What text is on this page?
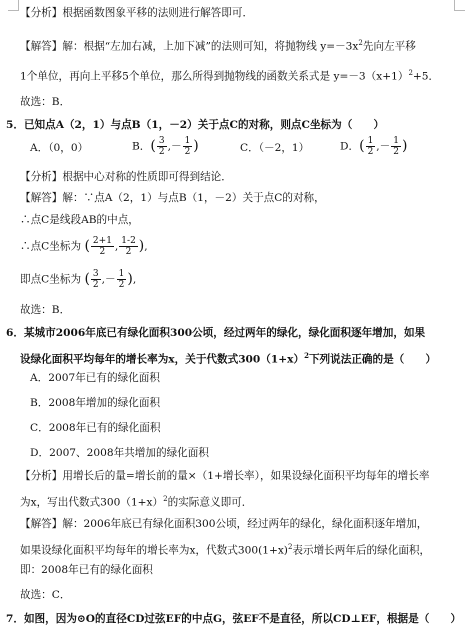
【分析】根据函数图象平移的法则进行解答即可．
【解答】解：根据“左加右减，上加下减”的法则可知，将抛物线 $y=-3x^2$先向左平移
1个单位，再向上平移5个单位，那么所得到抛物线的函数关系式是 $y=-3(x+1)^2+5$．
故选：B．
5．已知点A（2，1）与点B（1，－2）关于点C的对称，则点C坐标为（　　）
A．（0，0）	B．( $\frac{3}{2}$ ,－ $\frac{1}{2}$ )	C．（－2，1）	D．( $\frac{1}{2}$ ,－ $\frac{1}{2}$ )
【分析】根据中心对称的性质即可得到结论．
【解答】解：∵点A（2，1）与点B（1，－2）关于点C的对称，
∴点C是线段AB的中点，
∴点C坐标为 ( $\frac{2+1}{2}$ , $\frac{1-2}{2}$ ),
即点C坐标为 ( $\frac{3}{2}$ ,－ $\frac{1}{2}$ ),
故选：B．
6．某城市2006年底已有绿化面积300公顷，经过两年的绿化，绿化面积逐年增加，如果
设绿化面积平均每年的增长率为x，关于代数式$300(1+x)^2$下列说法正确的是（　　）
A．2007年已有的绿化面积
B．2008年增加的绿化面积
C．2008年已有的绿化面积
D．2007、2008年共增加的绿化面积
【分析】用增长后的量=增长前的量×（1+增长率），如果设绿化面积平均每年的增长率
为x，写出代数式$300(1+x)^2$的实际意义即可．
【解答】解：2006年底已有绿化面积300公顷，经过两年的绿化，绿化面积逐年增加，
如果设绿化面积平均每年的增长率为x，代数式$300(1+x)^2$表示增长两年后的绿化面积，
即：2008年已有的绿化面积
故选：C．
7．如图，因为⊙O的直径CD过弦EF的中点G，弦EF不是直径，所以CD⊥EF，根据是（　　）
